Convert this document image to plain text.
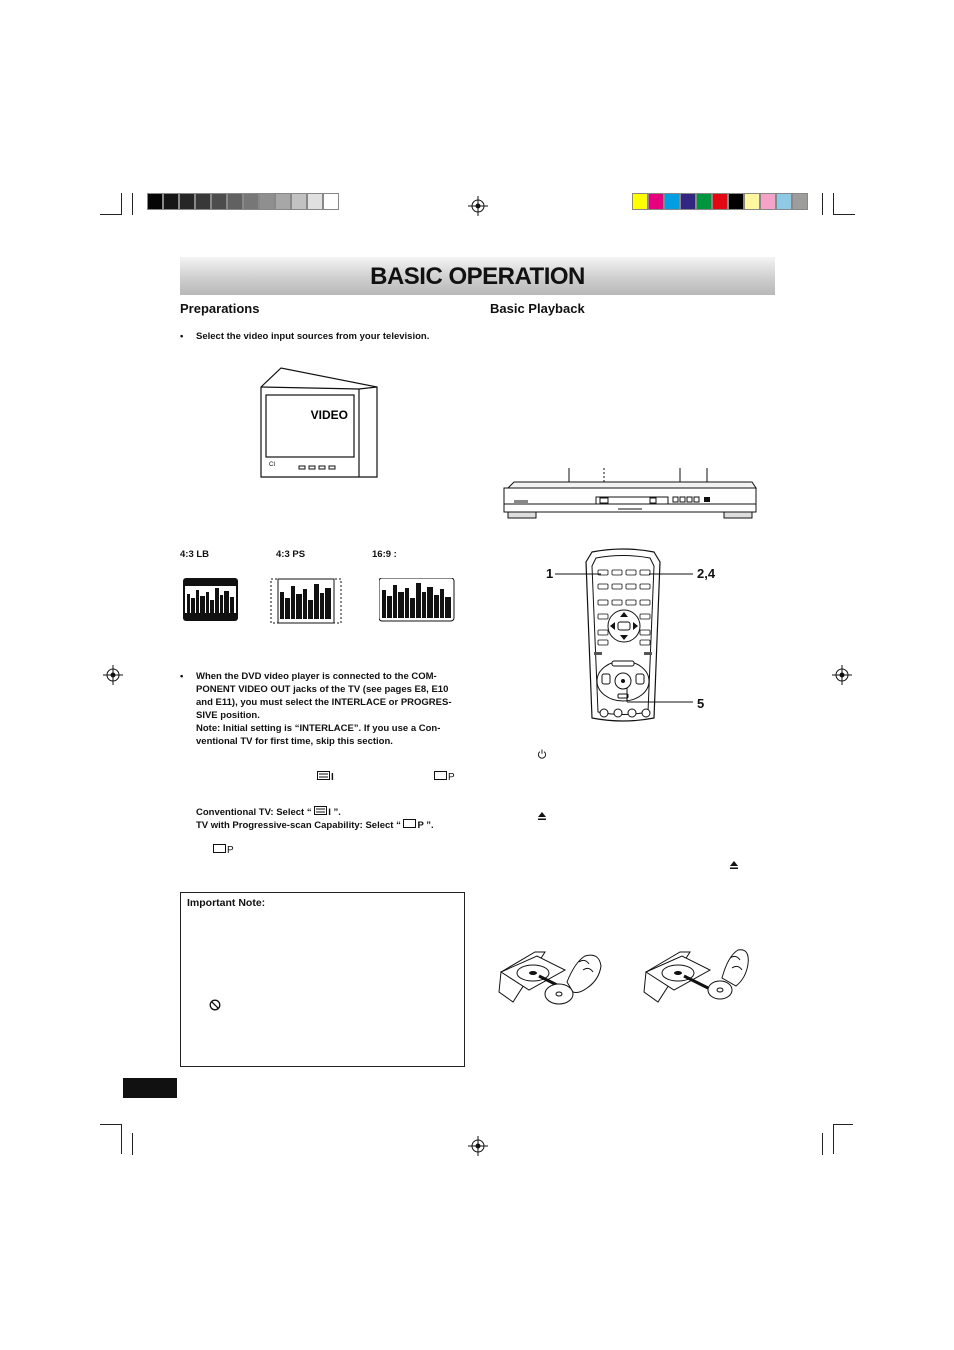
BASIC OPERATION
Preparations
• Select the video input sources from your television.
VIDEO
CI
4:3 LB	4:3 PS	16:9 :
• When the DVD video player is connected to the COM-
PONENT VIDEO OUT jacks of the TV (see pages E8, E10
and E11), you must select the INTERLACE or PROGRES-
SIVE position.
Note: Initial setting is “INTERLACE”. If you use a Con-
ventional TV for first time, skip this section.
I	P
Conventional TV: Select “ I ”.
TV with Progressive-scan Capability: Select “ P ”.
P
Important Note:
Basic Playback
1	2,4
5
